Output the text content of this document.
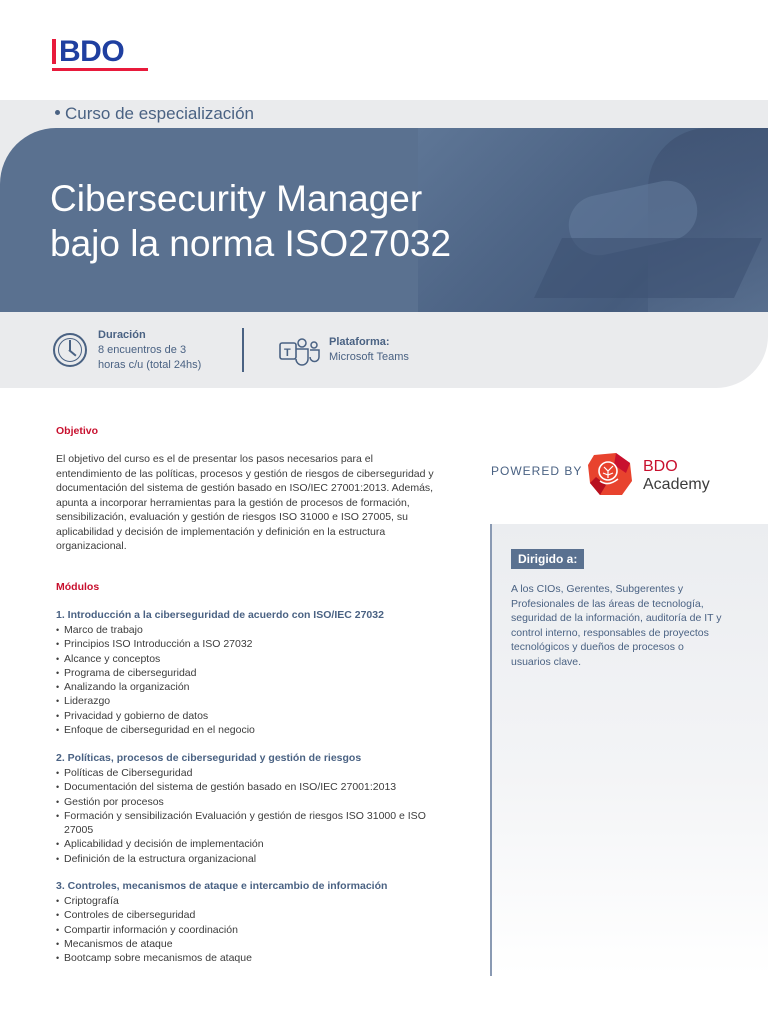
BDO
Curso de especialización
Cibersecurity Manager
bajo la norma ISO27032
Duración
8 encuentros de 3
horas c/u (total 24hs)
T
Plataforma:
Microsoft Teams
Objetivo

El objetivo del curso es el de presentar los pasos necesarios para el entendimiento de las políticas, procesos y gestión de riesgos de ciberseguridad y documentación del sistema de gestión basado en ISO/IEC 27001:2013. Además, apunta a incorporar herramientas para la gestión de procesos de formación, sensibilización, evaluación y gestión de riesgos ISO 31000 e ISO 27005, su aplicabilidad y decisión de implementación y definición en la estructura organizacional.

Módulos
1. Introducción a la ciberseguridad de acuerdo con ISO/IEC 27032
• Marco de trabajo
• Principios ISO Introducción a ISO 27032
• Alcance y conceptos
• Programa de ciberseguridad
• Analizando la organización
• Liderazgo
• Privacidad y gobierno de datos
• Enfoque de ciberseguridad en el negocio
2. Políticas, procesos de ciberseguridad y gestión de riesgos
• Políticas de Ciberseguridad
• Documentación del sistema de gestión basado en ISO/IEC 27001:2013
• Gestión por procesos
• Formación y sensibilización Evaluación y gestión de riesgos ISO 31000 e ISO 27005
• Aplicabilidad y decisión de implementación
• Definición de la estructura organizacional
3. Controles, mecanismos de ataque e intercambio de información
• Criptografía
• Controles de ciberseguridad
• Compartir información y coordinación
• Mecanismos de ataque
• Bootcamp sobre mecanismos de ataque
POWERED BY	BDO
Academy
Dirigido a:

A los CIOs, Gerentes, Subgerentes y Profesionales de las áreas de tecnología, seguridad de la información, auditoría de IT y control interno, responsables de proyectos tecnológicos y dueños de procesos o usuarios clave.
